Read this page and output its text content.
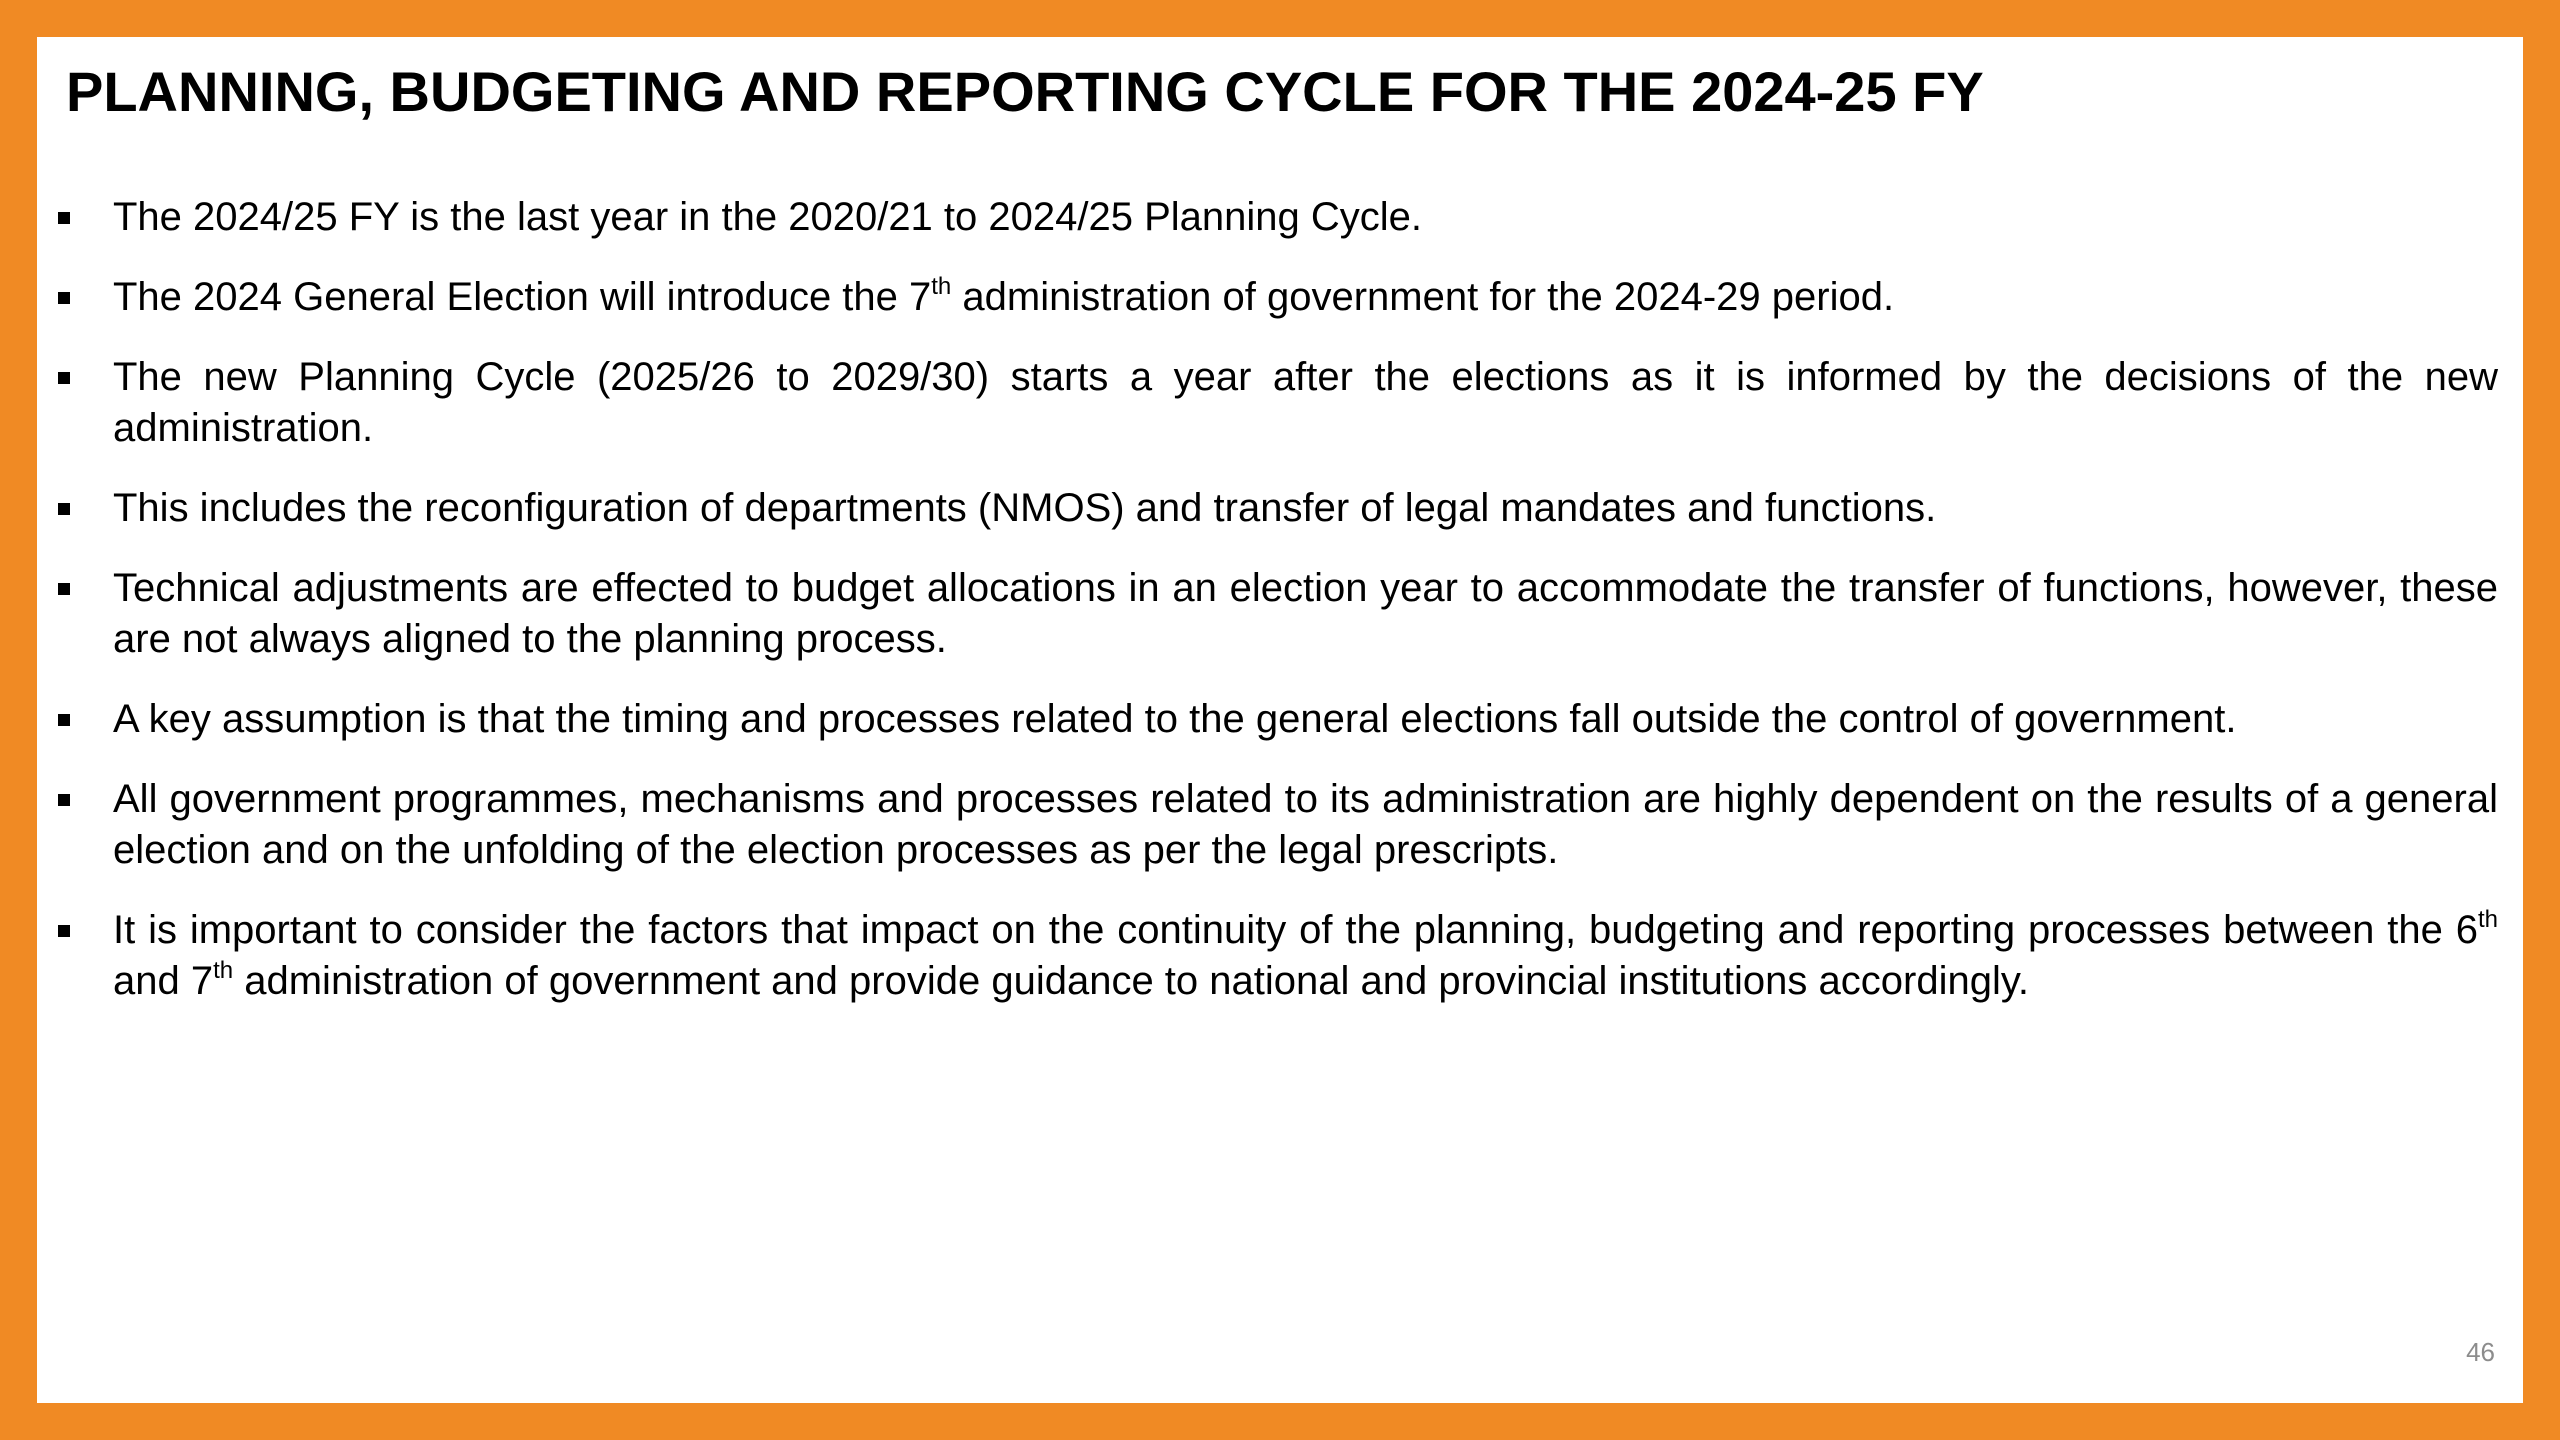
PLANNING, BUDGETING AND REPORTING CYCLE FOR THE 2024-25 FY
The 2024/25 FY is the last year in the 2020/21 to 2024/25 Planning Cycle.
The 2024 General Election will introduce the 7th administration of government for the 2024-29 period.
The new Planning Cycle (2025/26 to 2029/30) starts a year after the elections as it is informed by the decisions of the new administration.
This includes the reconfiguration of departments (NMOS) and transfer of legal mandates and functions.
Technical adjustments are effected to budget allocations in an election year to accommodate the transfer of functions, however, these are not always aligned to the planning process.
A key assumption is that the timing and processes related to the general elections fall outside the control of government.
All government programmes, mechanisms and processes related to its administration are highly dependent on the results of a general election and on the unfolding of the election processes as per the legal prescripts.
It is important to consider the factors that impact on the continuity of the planning, budgeting and reporting processes between the 6th and 7th administration of government and provide guidance to national and provincial institutions accordingly.
46
